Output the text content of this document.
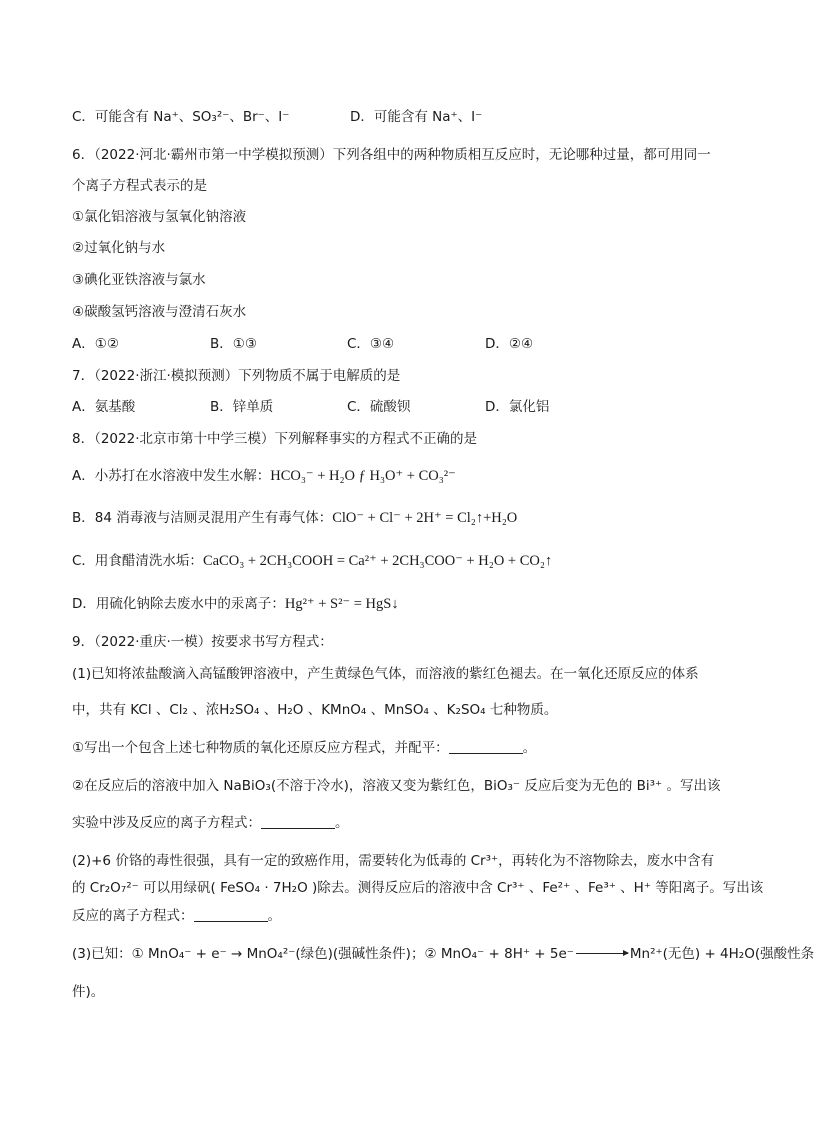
C．可能含有 Na⁺、SO₃²⁻、Br⁻、I⁻	D．可能含有 Na⁺、I⁻
6．（2022·河北·霸州市第一中学模拟预测）下列各组中的两种物质相互反应时，无论哪种过量，都可用同一
个离子方程式表示的是
①氯化铝溶液与氢氧化钠溶液
②过氧化钠与水
③碘化亚铁溶液与氯水
④碳酸氢钙溶液与澄清石灰水
A．①②	B．①③	C．③④	D．②④
7．（2022·浙江·模拟预测）下列物质不属于电解质的是
A．氨基酸	B．锌单质	C．硫酸钡	D．氯化铝
8．（2022·北京市第十中学三模）下列解释事实的方程式不正确的是
A．小苏打在水溶液中发生水解：HCO₃⁻ + H₂O ƒ H₃O⁺ + CO₃²⁻
B．84 消毒液与洁厕灵混用产生有毒气体：ClO⁻ + Cl⁻ + 2H⁺ = Cl₂↑+H₂O
C．用食醋清洗水垢：CaCO₃ + 2CH₃COOH = Ca²⁺ + 2CH₃COO⁻ + H₂O + CO₂↑
D．用硫化钠除去废水中的汞离子：Hg²⁺ + S²⁻ = HgS↓
9．（2022·重庆·一模）按要求书写方程式：
(1)已知将浓盐酸滴入高锰酸钾溶液中，产生黄绿色气体，而溶液的紫红色褪去。在一氧化还原反应的体系
中，共有 KCl 、Cl₂ 、浓H₂SO₄ 、H₂O 、KMnO₄ 、MnSO₄ 、K₂SO₄ 七种物质。
①写出一个包含上述七种物质的氧化还原反应方程式，并配平：	。
②在反应后的溶液中加入 NaBiO₃(不溶于冷水)，溶液又变为紫红色，BiO₃⁻ 反应后变为无色的 Bi³⁺ 。写出该
实验中涉及反应的离子方程式：	。
(2)+6 价铬的毒性很强，具有一定的致癌作用，需要转化为低毒的 Cr³⁺，再转化为不溶物除去，废水中含有
的 Cr₂O₇²⁻ 可以用绿矾( FeSO₄ · 7H₂O )除去。测得反应后的溶液中含 Cr³⁺ 、Fe²⁺ 、Fe³⁺ 、H⁺ 等阳离子。写出该
反应的离子方程式：	。
(3)已知：① MnO₄⁻ + e⁻ → MnO₄²⁻(绿色)(强碱性条件)；② MnO₄⁻ + 8H⁺ + 5e⁻	Mn²⁺(无色) + 4H₂O(强酸性条
件)。
